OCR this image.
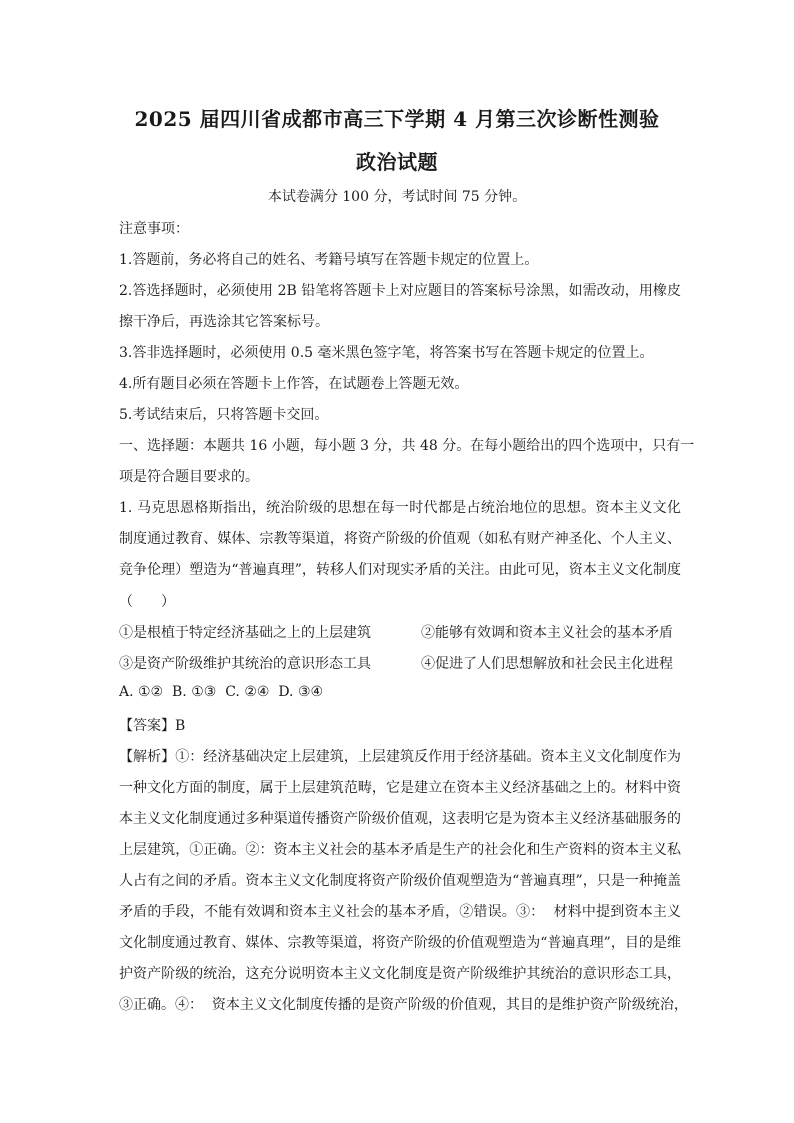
2025 届四川省成都市高三下学期 4 月第三次诊断性测验
政治试题
本试卷满分 100 分，考试时间 75 分钟。
注意事项：
1.答题前，务必将自己的姓名、考籍号填写在答题卡规定的位置上。
2.答选择题时，必须使用 2B 铅笔将答题卡上对应题目的答案标号涂黑，如需改动，用橡皮
擦干净后，再选涂其它答案标号。
3.答非选择题时，必须使用 0.5 毫米黑色签字笔，将答案书写在答题卡规定的位置上。
4.所有题目必须在答题卡上作答，在试题卷上答题无效。
5.考试结束后，只将答题卡交回。
一、选择题：本题共 16 小题，每小题 3 分，共 48 分。在每小题给出的四个选项中，只有一
项是符合题目要求的。
1. 马克思恩格斯指出，统治阶级的思想在每一时代都是占统治地位的思想。资本主义文化
制度通过教育、媒体、宗教等渠道，将资产阶级的价值观（如私有财产神圣化、个人主义、
竞争伦理）塑造为“普遍真理”，转移人们对现实矛盾的关注。由此可见，资本主义文化制度
（　　）
①是根植于特定经济基础之上的上层建筑	②能够有效调和资本主义社会的基本矛盾
③是资产阶级维护其统治的意识形态工具	④促进了人们思想解放和社会民主化进程
A. ①②  B. ①③  C. ②④  D. ③④
【答案】B
【解析】①：经济基础决定上层建筑，上层建筑反作用于经济基础。资本主义文化制度作为
一种文化方面的制度，属于上层建筑范畴，它是建立在资本主义经济基础之上的。材料中资
本主义文化制度通过多种渠道传播资产阶级价值观，这表明它是为资本主义经济基础服务的
上层建筑，①正确。②：资本主义社会的基本矛盾是生产的社会化和生产资料的资本主义私
人占有之间的矛盾。资本主义文化制度将资产阶级价值观塑造为“普遍真理”，只是一种掩盖
矛盾的手段，不能有效调和资本主义社会的基本矛盾，②错误。③：  材料中提到资本主义
文化制度通过教育、媒体、宗教等渠道，将资产阶级的价值观塑造为“普遍真理”，目的是维
护资产阶级的统治，这充分说明资本主义文化制度是资产阶级维护其统治的意识形态工具，
③正确。④：  资本主义文化制度传播的是资产阶级的价值观，其目的是维护资产阶级统治，
